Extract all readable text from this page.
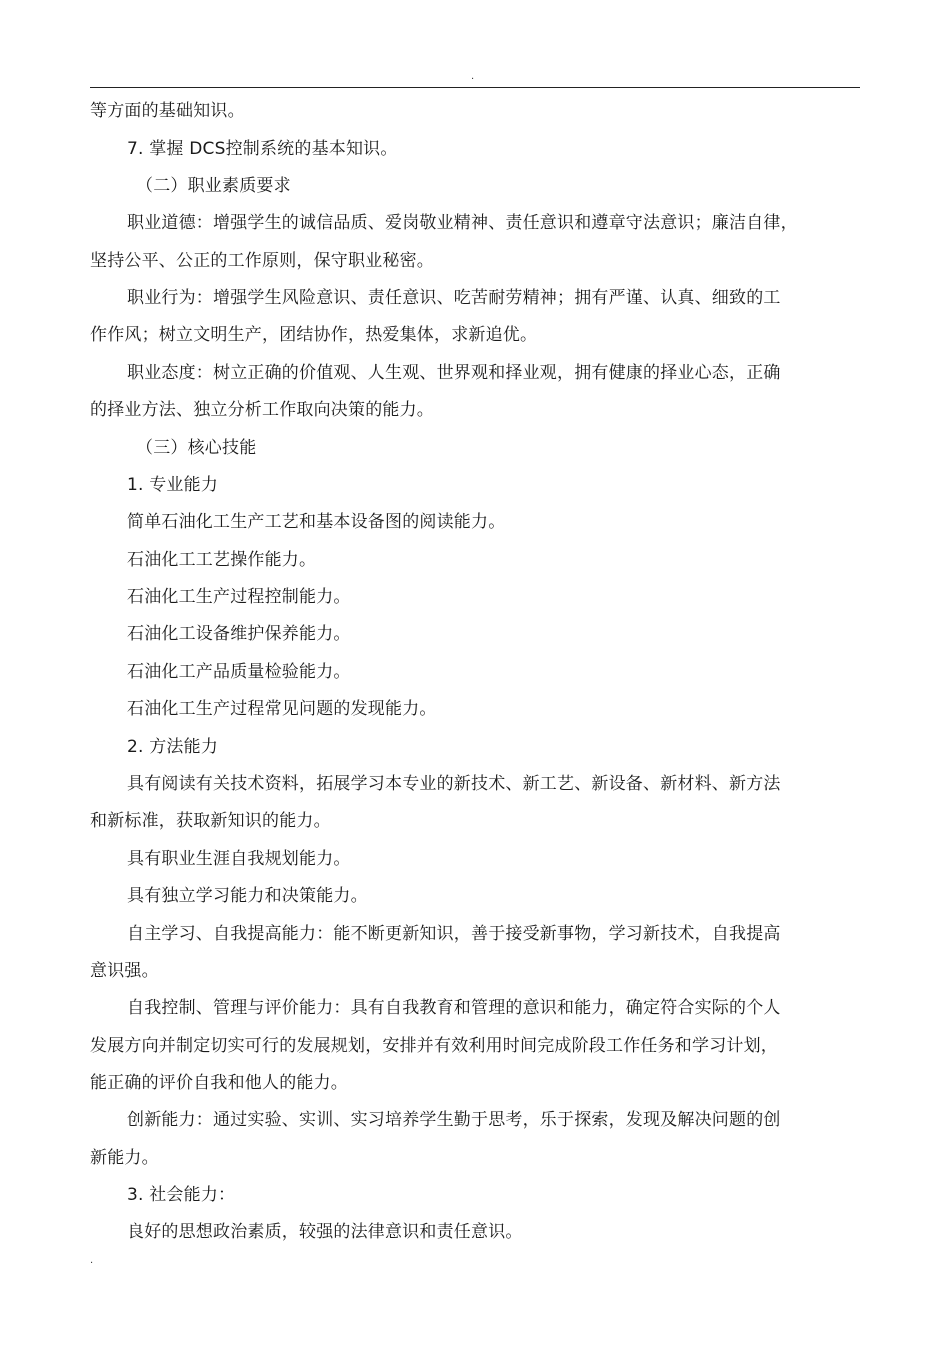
.
等方面的基础知识。
7. 掌握 DCS控制系统的基本知识。
（二）职业素质要求
职业道德：增强学生的诚信品质、爱岗敬业精神、责任意识和遵章守法意识；廉洁自律，
坚持公平、公正的工作原则，保守职业秘密。
职业行为：增强学生风险意识、责任意识、吃苦耐劳精神；拥有严谨、认真、细致的工
作作风；树立文明生产，团结协作，热爱集体，求新追优。
职业态度：树立正确的价值观、人生观、世界观和择业观，拥有健康的择业心态，正确
的择业方法、独立分析工作取向决策的能力。
（三）核心技能
1. 专业能力
简单石油化工生产工艺和基本设备图的阅读能力。
石油化工工艺操作能力。
石油化工生产过程控制能力。
石油化工设备维护保养能力。
石油化工产品质量检验能力。
石油化工生产过程常见问题的发现能力。
2. 方法能力
具有阅读有关技术资料，拓展学习本专业的新技术、新工艺、新设备、新材料、新方法
和新标准，获取新知识的能力。
具有职业生涯自我规划能力。
具有独立学习能力和决策能力。
自主学习、自我提高能力：能不断更新知识，善于接受新事物，学习新技术，自我提高
意识强。
自我控制、管理与评价能力：具有自我教育和管理的意识和能力，确定符合实际的个人
发展方向并制定切实可行的发展规划，安排并有效利用时间完成阶段工作任务和学习计划，
能正确的评价自我和他人的能力。
创新能力：通过实验、实训、实习培养学生勤于思考，乐于探索，发现及解决问题的创
新能力。
3. 社会能力：
良好的思想政治素质，较强的法律意识和责任意识。
.
